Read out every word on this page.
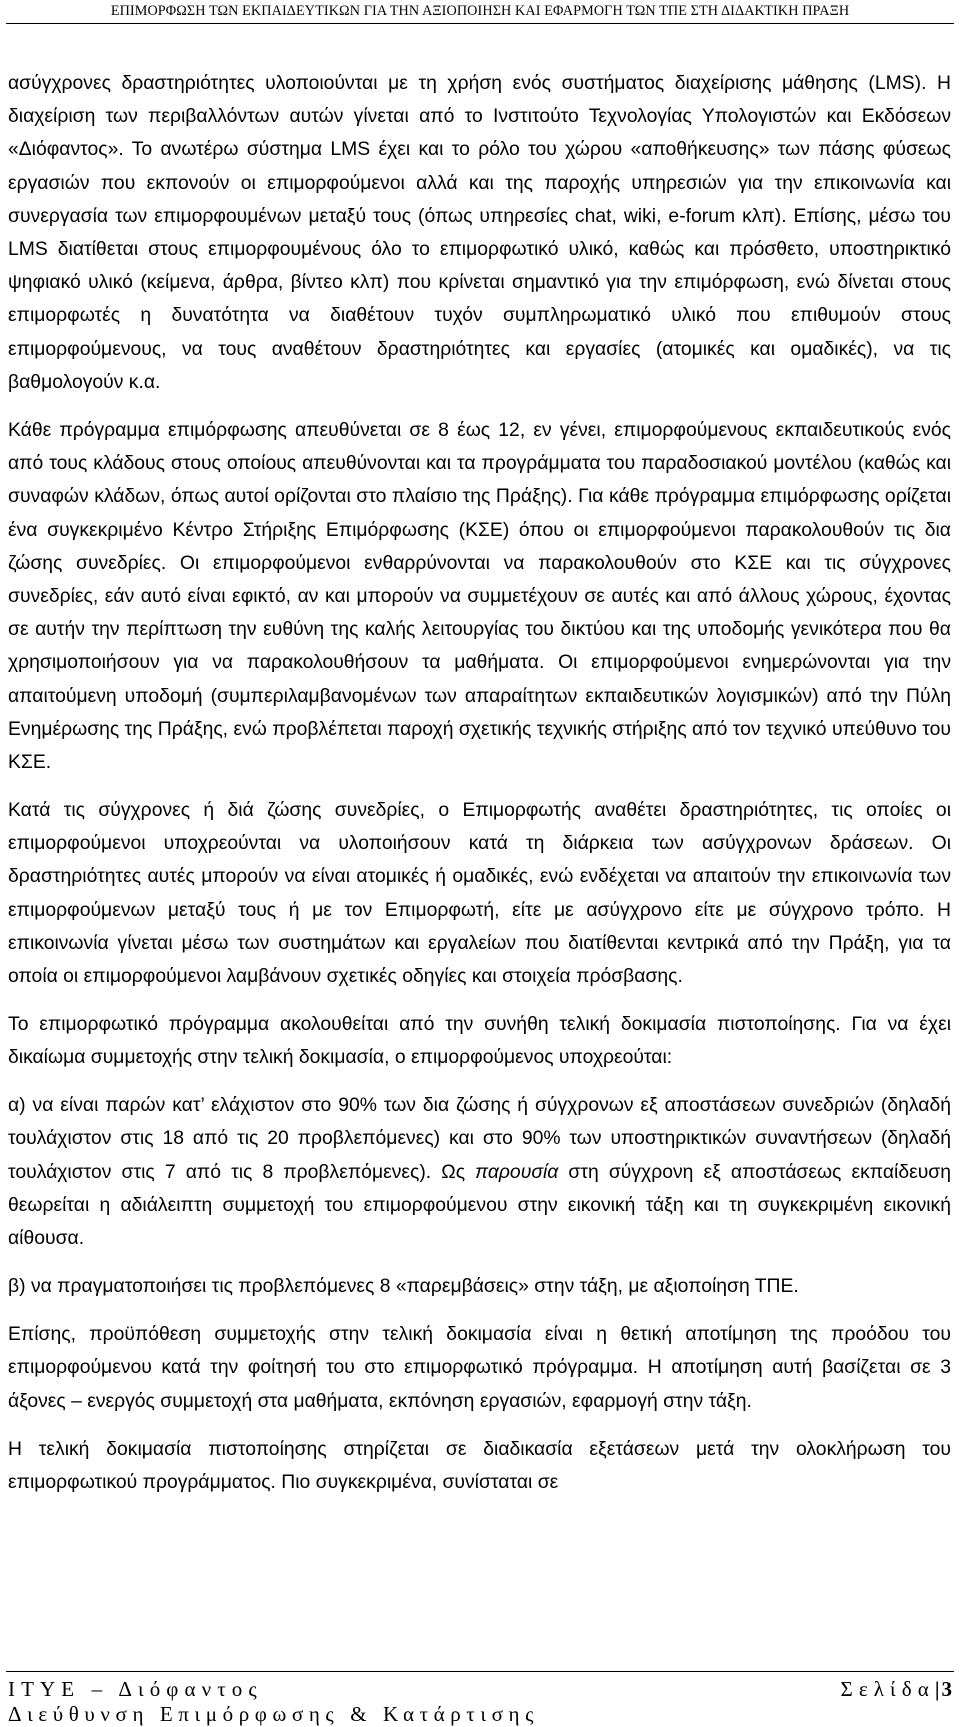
ΕΠΙΜΟΡΦΩΣΗ ΤΩΝ ΕΚΠΑΙΔΕΥΤΙΚΩΝ ΓΙΑ ΤΗΝ ΑΞΙΟΠΟΙΗΣΗ ΚΑΙ ΕΦΑΡΜΟΓΗ ΤΩΝ ΤΠΕ ΣΤΗ ΔΙΔΑΚΤΙΚΗ ΠΡΑΞΗ

ασύγχρονες δραστηριότητες υλοποιούνται με τη χρήση ενός συστήματος διαχείρισης μάθησης (LMS). Η διαχείριση των περιβαλλόντων αυτών γίνεται από το Ινστιτούτο Τεχνολογίας Υπολογιστών και Εκδόσεων «Διόφαντος». Το ανωτέρω σύστημα LMS έχει και το ρόλο του χώρου «αποθήκευσης» των πάσης φύσεως εργασιών που εκπονούν οι επιμορφούμενοι αλλά και της παροχής υπηρεσιών για την επικοινωνία και συνεργασία των επιμορφουμένων μεταξύ τους (όπως υπηρεσίες chat, wiki, e-forum κλπ). Επίσης, μέσω του LMS διατίθεται στους επιμορφουμένους όλο το επιμορφωτικό υλικό, καθώς και πρόσθετο, υποστηρικτικό ψηφιακό υλικό (κείμενα, άρθρα, βίντεο κλπ) που κρίνεται σημαντικό για την επιμόρφωση, ενώ δίνεται στους επιμορφωτές η δυνατότητα να διαθέτουν τυχόν συμπληρωματικό υλικό που επιθυμούν στους επιμορφούμενους, να τους αναθέτουν δραστηριότητες και εργασίες (ατομικές και ομαδικές), να τις βαθμολογούν κ.α.

Κάθε πρόγραμμα επιμόρφωσης απευθύνεται σε 8 έως 12, εν γένει, επιμορφούμενους εκπαιδευτικούς ενός από τους κλάδους στους οποίους απευθύνονται και τα προγράμματα του παραδοσιακού μοντέλου (καθώς και συναφών κλάδων, όπως αυτοί ορίζονται στο πλαίσιο της Πράξης). Για κάθε πρόγραμμα επιμόρφωσης ορίζεται ένα συγκεκριμένο Κέντρο Στήριξης Επιμόρφωσης (ΚΣΕ) όπου οι επιμορφούμενοι παρακολουθούν τις δια ζώσης συνεδρίες. Οι επιμορφούμενοι ενθαρρύνονται να παρακολουθούν στο ΚΣΕ και τις σύγχρονες συνεδρίες, εάν αυτό είναι εφικτό, αν και μπορούν να συμμετέχουν σε αυτές και από άλλους χώρους, έχοντας σε αυτήν την περίπτωση την ευθύνη της καλής λειτουργίας του δικτύου και της υποδομής γενικότερα που θα χρησιμοποιήσουν για να παρακολουθήσουν τα μαθήματα. Οι επιμορφούμενοι ενημερώνονται για την απαιτούμενη υποδομή (συμπεριλαμβανομένων των απαραίτητων εκπαιδευτικών λογισμικών) από την Πύλη Ενημέρωσης της Πράξης, ενώ προβλέπεται παροχή σχετικής τεχνικής στήριξης από τον τεχνικό υπεύθυνο του ΚΣΕ.

Κατά τις σύγχρονες ή διά ζώσης συνεδρίες, ο Επιμορφωτής αναθέτει δραστηριότητες, τις οποίες οι επιμορφούμενοι υποχρεούνται να υλοποιήσουν κατά τη διάρκεια των ασύγχρονων δράσεων. Οι δραστηριότητες αυτές μπορούν να είναι ατομικές ή ομαδικές, ενώ ενδέχεται να απαιτούν την επικοινωνία των επιμορφούμενων μεταξύ τους ή με τον Επιμορφωτή, είτε με ασύγχρονο είτε με σύγχρονο τρόπο. Η επικοινωνία γίνεται μέσω των συστημάτων και εργαλείων που διατίθενται κεντρικά από την Πράξη, για τα οποία οι επιμορφούμενοι λαμβάνουν σχετικές οδηγίες και στοιχεία πρόσβασης.

Το επιμορφωτικό πρόγραμμα ακολουθείται από την συνήθη τελική δοκιμασία πιστοποίησης. Για να έχει δικαίωμα συμμετοχής στην τελική δοκιμασία, ο επιμορφούμενος υποχρεούται:

α) να είναι παρών κατ’ ελάχιστον στο 90% των δια ζώσης ή σύγχρονων εξ αποστάσεων συνεδριών (δηλαδή τουλάχιστον στις 18 από τις 20 προβλεπόμενες) και στο 90% των υποστηρικτικών συναντήσεων (δηλαδή τουλάχιστον στις 7 από τις 8 προβλεπόμενες). Ως παρουσία στη σύγχρονη εξ αποστάσεως εκπαίδευση θεωρείται η αδιάλειπτη συμμετοχή του επιμορφούμενου στην εικονική τάξη και τη συγκεκριμένη εικονική αίθουσα.

β) να πραγματοποιήσει τις προβλεπόμενες 8 «παρεμβάσεις» στην τάξη, με αξιοποίηση ΤΠΕ.

Επίσης, προϋπόθεση συμμετοχής στην τελική δοκιμασία είναι η θετική αποτίμηση της προόδου του επιμορφούμενου κατά την φοίτησή του στο επιμορφωτικό πρόγραμμα. Η αποτίμηση αυτή βασίζεται σε 3 άξονες – ενεργός συμμετοχή στα μαθήματα, εκπόνηση εργασιών, εφαρμογή στην τάξη.

Η τελική δοκιμασία πιστοποίησης στηρίζεται σε διαδικασία εξετάσεων μετά την ολοκλήρωση του επιμορφωτικού προγράμματος. Πιο συγκεκριμένα, συνίσταται σε

ΙΤΥΕ – Διόφαντος	Σελίδα|3
Διεύθυνση Επιμόρφωσης & Κατάρτισης
